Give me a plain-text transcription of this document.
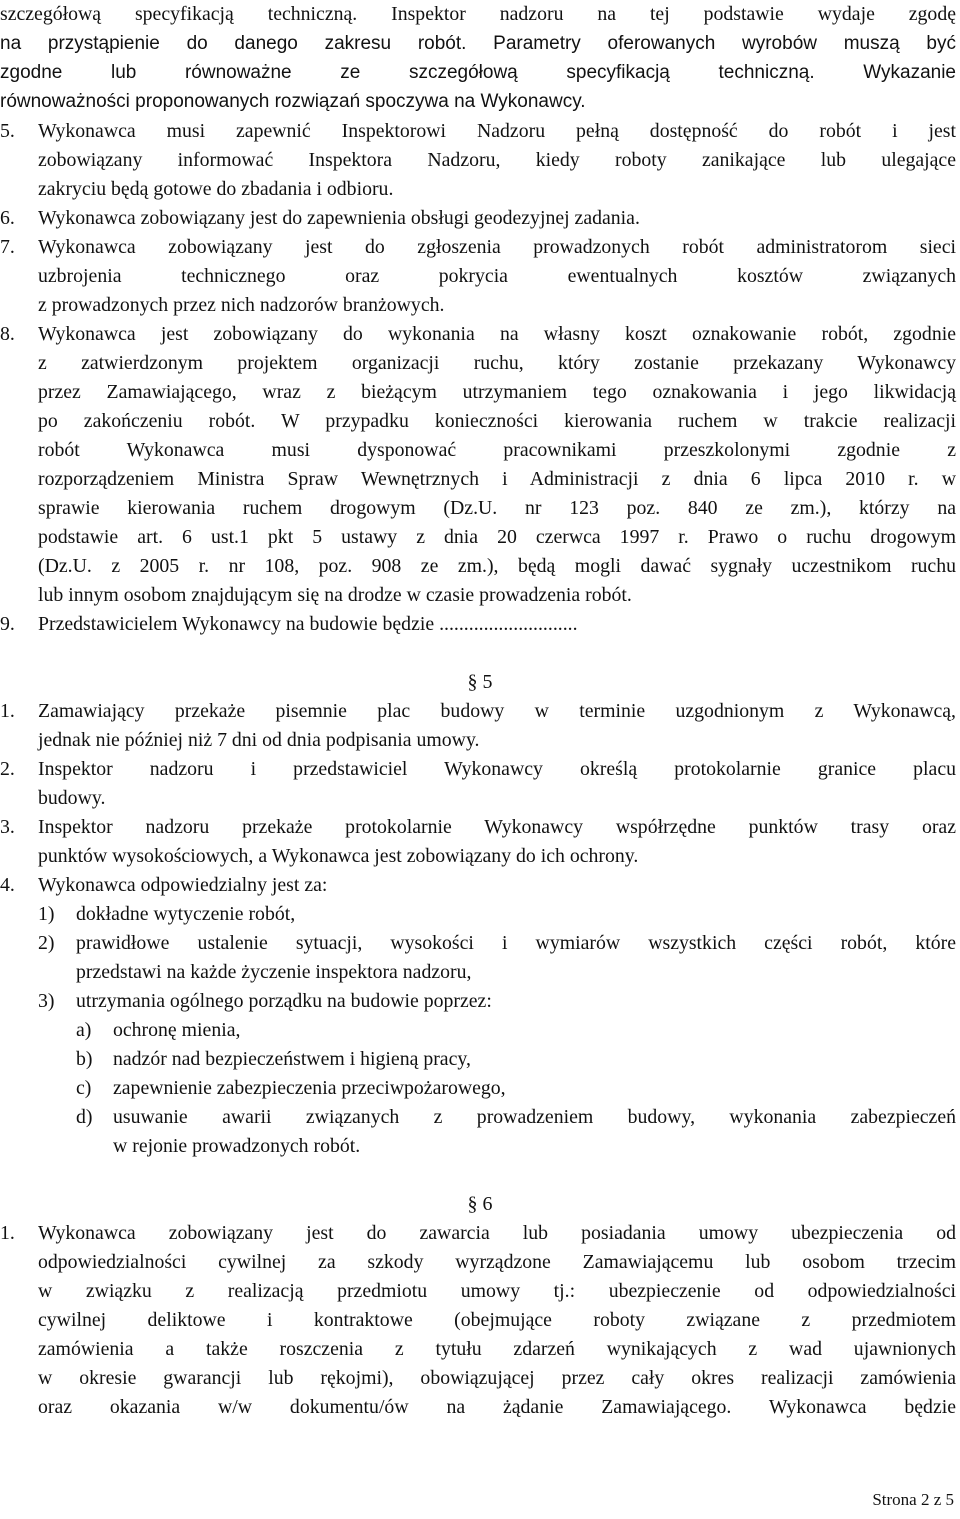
szczegółową specyfikacją techniczną. Inspektor nadzoru na tej podstawie wydaje zgodę
na przystąpienie do danego zakresu robót. Parametry oferowanych wyrobów muszą być
zgodne lub równoważne ze szczegółową specyfikacją techniczną. Wykazanie
równoważności proponowanych rozwiązań spoczywa na Wykonawcy.
5. Wykonawca musi zapewnić Inspektorowi Nadzoru pełną dostępność do robót i jest
zobowiązany informować Inspektora Nadzoru, kiedy roboty zanikające lub ulegające
zakryciu będą gotowe do zbadania i odbioru.
6. Wykonawca zobowiązany jest do zapewnienia obsługi geodezyjnej zadania.
7. Wykonawca zobowiązany jest do zgłoszenia prowadzonych robót administratorom sieci
uzbrojenia technicznego oraz pokrycia ewentualnych kosztów związanych
z prowadzonych przez nich nadzorów branżowych.
8. Wykonawca jest zobowiązany do wykonania na własny koszt oznakowanie robót, zgodnie
z zatwierdzonym projektem organizacji ruchu, który zostanie przekazany Wykonawcy
przez Zamawiającego, wraz z bieżącym utrzymaniem tego oznakowania i jego likwidacją
po zakończeniu robót. W przypadku konieczności kierowania ruchem w trakcie realizacji
robót Wykonawca musi dysponować pracownikami przeszkolonymi zgodnie z
rozporządzeniem Ministra Spraw Wewnętrznych i Administracji z dnia 6 lipca 2010 r. w
sprawie kierowania ruchem drogowym (Dz.U. nr 123 poz. 840 ze zm.), którzy na
podstawie art. 6 ust.1 pkt 5 ustawy z dnia 20 czerwca 1997 r. Prawo o ruchu drogowym
(Dz.U. z 2005 r. nr 108, poz. 908 ze zm.), będą mogli dawać sygnały uczestnikom ruchu
lub innym osobom znajdującym się na drodze w czasie prowadzenia robót.
9. Przedstawicielem Wykonawcy na budowie będzie ............................
§ 5
1. Zamawiający przekaże pisemnie plac budowy w terminie uzgodnionym z Wykonawcą,
jednak nie później niż 7 dni od dnia podpisania umowy.
2. Inspektor nadzoru i przedstawiciel Wykonawcy określą protokolarnie granice placu
budowy.
3. Inspektor nadzoru przekaże protokolarnie Wykonawcy współrzędne punktów trasy oraz
punktów wysokościowych, a Wykonawca jest zobowiązany do ich ochrony.
4. Wykonawca odpowiedzialny jest za:
1) dokładne wytyczenie robót,
2) prawidłowe ustalenie sytuacji, wysokości i wymiarów wszystkich części robót, które
przedstawi na każde życzenie inspektora nadzoru,
3) utrzymania ogólnego porządku na budowie poprzez:
a) ochronę mienia,
b) nadzór nad bezpieczeństwem i higieną pracy,
c) zapewnienie zabezpieczenia przeciwpożarowego,
d) usuwanie awarii związanych z prowadzeniem budowy, wykonania zabezpieczeń
w rejonie prowadzonych robót.
§ 6
1. Wykonawca zobowiązany jest do zawarcia lub posiadania umowy ubezpieczenia od
odpowiedzialności cywilnej za szkody wyrządzone Zamawiającemu lub osobom trzecim
w związku z realizacją przedmiotu umowy tj.: ubezpieczenie od odpowiedzialności
cywilnej deliktowe i kontraktowe (obejmujące roboty związane z przedmiotem
zamówienia a także roszczenia z tytułu zdarzeń wynikających z wad ujawnionych
w okresie gwarancji lub rękojmi), obowiązującej przez cały okres realizacji zamówienia
oraz okazania w/w dokumentu/ów na żądanie Zamawiającego. Wykonawca będzie
Strona 2 z 5
